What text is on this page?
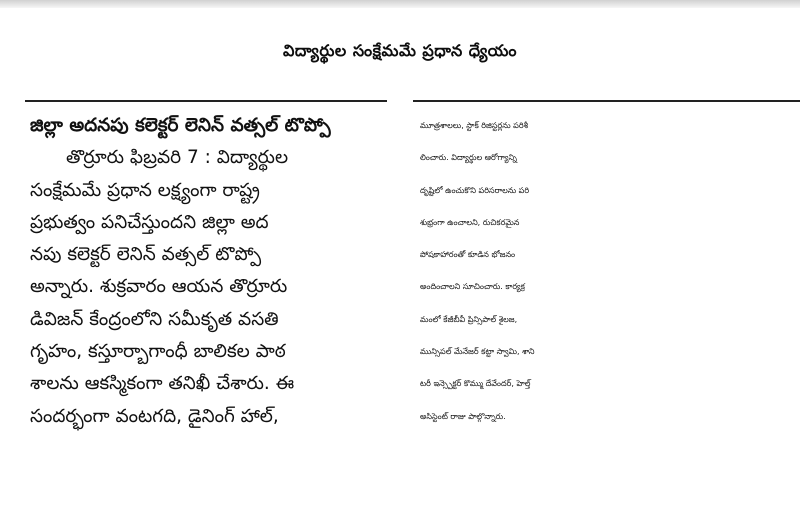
విద్యార్థుల సంక్షేమమే ప్రధాన ధ్యేయం
జిల్లా అదనపు కలెక్టర్ లెనిన్ వత్సల్ టొప్పో
తొర్రూరు ఫిబ్రవరి 7 : విద్యార్థుల
సంక్షేమమే ప్రధాన లక్ష్యంగా రాష్ట్ర
ప్రభుత్వం పనిచేస్తుందని జిల్లా అద
నపు కలెక్టర్ లెనిన్ వత్సల్ టొప్పో
అన్నారు. శుక్రవారం ఆయన తొర్రూరు
డివిజన్ కేంద్రంలోని సమీకృత వసతి
గృహం, కస్తూర్బాగాంధీ బాలికల పాఠ
శాలను ఆకస్మికంగా తనిఖీ చేశారు. ఈ
సందర్భంగా వంటగది, డైనింగ్ హాల్,
మూత్రశాలలు, స్టాక్ రిజిస్టర్లను పరిశీ
లించారు. విద్యార్థుల ఆరోగ్యాన్ని
దృష్టిలో ఉంచుకొని పరిసరాలను పరి
శుభ్రంగా ఉంచాలని, రుచికరమైన
పోషకాహారంతో కూడిన భోజనం
అందించాలని సూచించారు. కార్యక్ర
మంలో కేజీబీవీ ప్రిన్సిపాల్ శైలజ,
మున్సిపల్ మేనేజర్ కట్టా స్వామి, శాని
టరీ ఇన్స్పెక్టర్ కొమ్ము దేవేందర్, హెల్త్
అసిస్టెంట్ రాజు పాల్గొన్నారు.
